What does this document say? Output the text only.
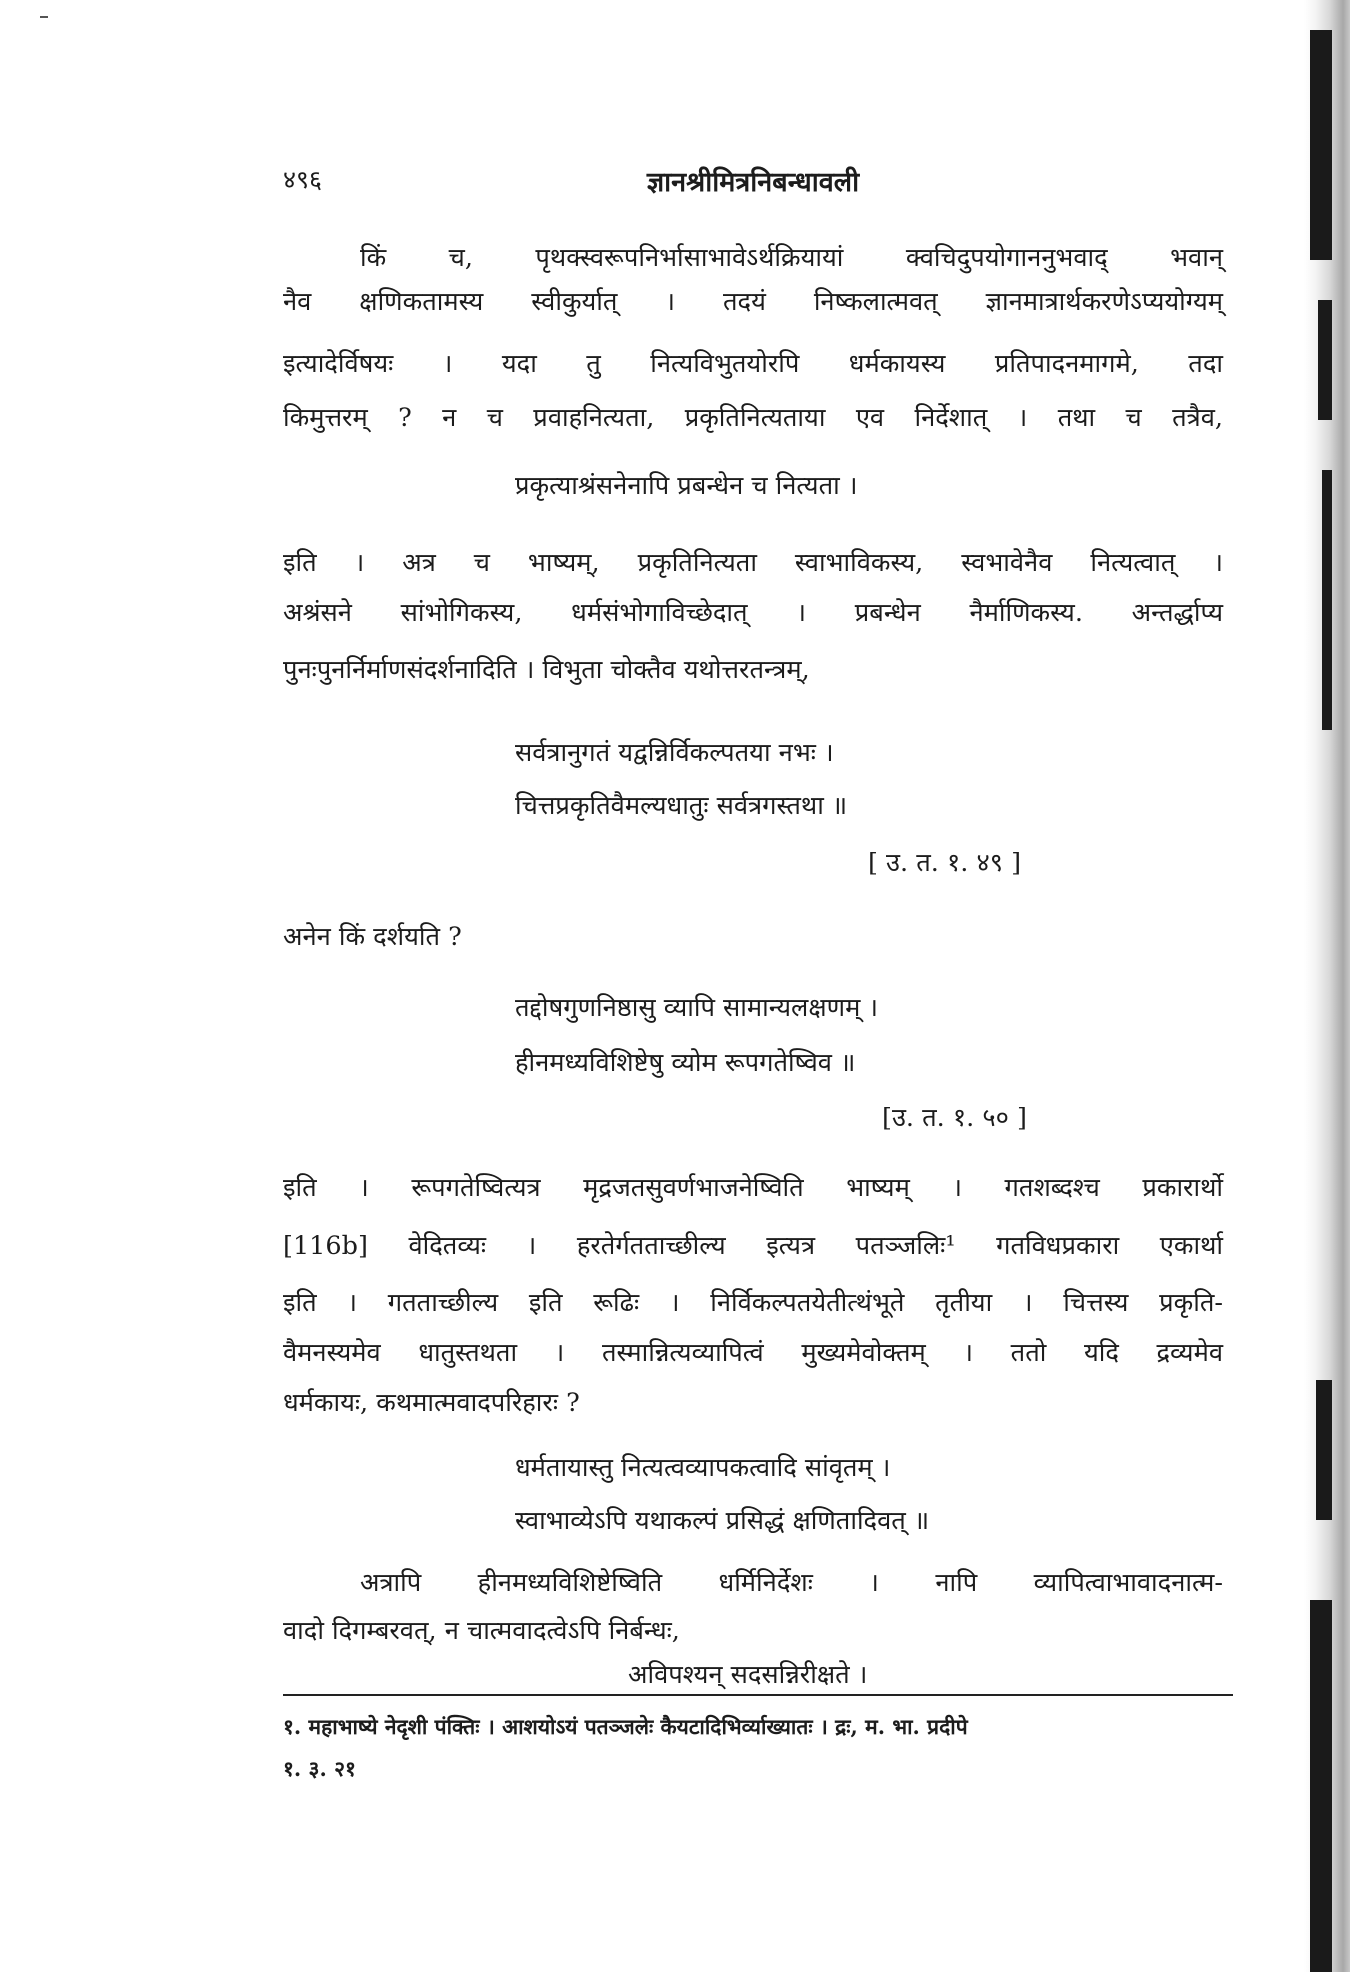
४९६	ज्ञानश्रीमित्रनिबन्धावली
किं च, पृथक्स्वरूपनिर्भासाभावेऽर्थक्रियायां क्वचिदुपयोगाननुभवाद् भवान्
नैव क्षणिकतामस्य स्वीकुर्यात् । तदयं निष्कलात्मवत् ज्ञानमात्रार्थकरणेऽप्ययोग्यम्
इत्यादेर्विषयः । यदा तु नित्यविभुतयोरपि धर्मकायस्य प्रतिपादनमागमे, तदा
किमुत्तरम् ? न च प्रवाहनित्यता, प्रकृतिनित्यताया एव निर्देशात् । तथा च तत्रैव,
प्रकृत्याश्रंसनेनापि प्रबन्धेन च नित्यता ।
इति । अत्र च भाष्यम्, प्रकृतिनित्यता स्वाभाविकस्य, स्वभावेनैव नित्यत्वात् ।
अश्रंसने सांभोगिकस्य, धर्मसंभोगाविच्छेदात् । प्रबन्धेन नैर्माणिकस्य. अन्तर्द्धाप्य
पुनःपुनर्निर्माणसंदर्शनादिति । विभुता चोक्तैव यथोत्तरतन्त्रम्,
सर्वत्रानुगतं यद्वन्निर्विकल्पतया नभः ।
चित्तप्रकृतिवैमल्यधातुः सर्वत्रगस्तथा ॥
[ उ. त. १. ४९ ]
अनेन किं दर्शयति ?
तद्दोषगुणनिष्ठासु व्यापि सामान्यलक्षणम् ।
हीनमध्यविशिष्टेषु व्योम रूपगतेष्विव ॥
[उ. त. १. ५० ]
इति । रूपगतेष्वित्यत्र मृद्रजतसुवर्णभाजनेष्विति भाष्यम् । गतशब्दश्च प्रकारार्थो
[116b] वेदितव्यः । हरतेर्गतताच्छील्य इत्यत्र पतञ्जलिः¹ गतविधप्रकारा एकार्था
इति । गतताच्छील्य इति रूढिः । निर्विकल्पतयेतीत्थंभूते तृतीया । चित्तस्य प्रकृति-
वैमनस्यमेव धातुस्तथता । तस्मान्नित्यव्यापित्वं मुख्यमेवोक्तम् । ततो यदि द्रव्यमेव
धर्मकायः, कथमात्मवादपरिहारः ?
धर्मतायास्तु नित्यत्वव्यापकत्वादि सांवृतम् ।
स्वाभाव्येऽपि यथाकल्पं प्रसिद्धं क्षणितादिवत् ॥
अत्रापि हीनमध्यविशिष्टेष्विति धर्मिनिर्देशः । नापि व्यापित्वाभावादनात्म-
वादो दिगम्बरवत्, न चात्मवादत्वेऽपि निर्बन्धः,
अविपश्यन् सदसन्निरीक्षते ।
१. महाभाष्ये नेदृशी पंक्तिः । आशयोऽयं पतञ्जलेः कैयटादिभिर्व्याख्यातः । द्रः, म. भा. प्रदीपे
१. ३. २१
